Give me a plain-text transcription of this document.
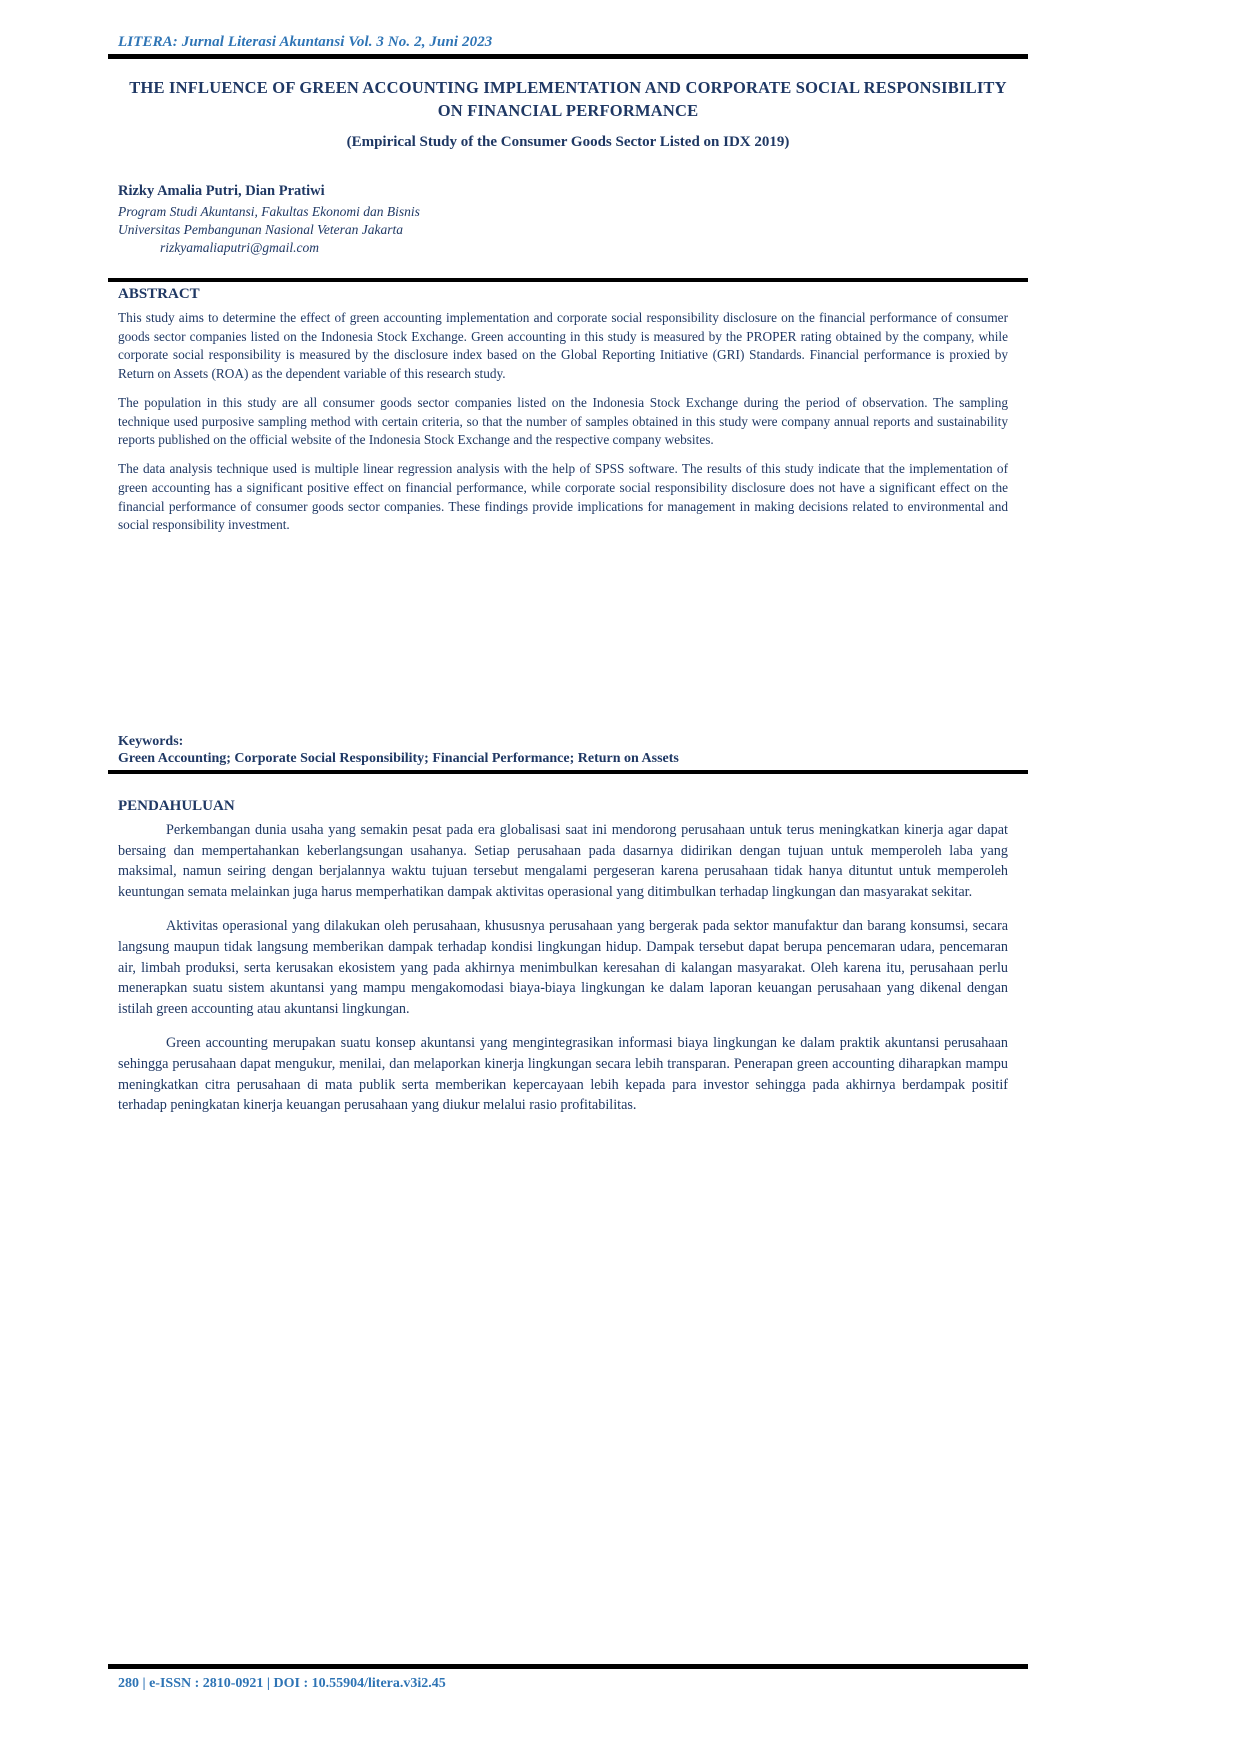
LITERA: Jurnal Literasi Akuntansi Vol. 3 No. 2, Juni 2023
THE INFLUENCE OF GREEN ACCOUNTING IMPLEMENTATION AND CORPORATE SOCIAL RESPONSIBILITY ON FINANCIAL PERFORMANCE
(Empirical Study of the Consumer Goods Sector Listed on IDX 2019)
Rizky Amalia Putri, Dian Pratiwi
Program Studi Akuntansi, Fakultas Ekonomi dan Bisnis
Universitas Pembangunan Nasional Veteran Jakarta
rizkyamaliaputri@gmail.com
ABSTRACT

This study aims to determine the effect of green accounting implementation and corporate social responsibility disclosure on the financial performance of consumer goods sector companies listed on the Indonesia Stock Exchange. Green accounting in this study is measured by the PROPER rating obtained by the company, while corporate social responsibility is measured by the disclosure index based on the Global Reporting Initiative (GRI) Standards. Financial performance is proxied by Return on Assets (ROA) as the dependent variable of this research study.

The population in this study are all consumer goods sector companies listed on the Indonesia Stock Exchange during the period of observation. The sampling technique used purposive sampling method with certain criteria, so that the number of samples obtained in this study were company annual reports and sustainability reports published on the official website of the Indonesia Stock Exchange and the respective company websites.

The data analysis technique used is multiple linear regression analysis with the help of SPSS software. The results of this study indicate that the implementation of green accounting has a significant positive effect on financial performance, while corporate social responsibility disclosure does not have a significant effect on the financial performance of consumer goods sector companies. These findings provide implications for management in making decisions related to environmental and social responsibility investment.

Keywords:
Green Accounting; Corporate Social Responsibility; Financial Performance; Return on Assets
PENDAHULUAN

Perkembangan dunia usaha yang semakin pesat pada era globalisasi saat ini mendorong perusahaan untuk terus meningkatkan kinerja agar dapat bersaing dan mempertahankan keberlangsungan usahanya. Setiap perusahaan pada dasarnya didirikan dengan tujuan untuk memperoleh laba yang maksimal, namun seiring dengan berjalannya waktu tujuan tersebut mengalami pergeseran karena perusahaan tidak hanya dituntut untuk memperoleh keuntungan semata melainkan juga harus memperhatikan dampak aktivitas operasional yang ditimbulkan terhadap lingkungan dan masyarakat sekitar.

Aktivitas operasional yang dilakukan oleh perusahaan, khususnya perusahaan yang bergerak pada sektor manufaktur dan barang konsumsi, secara langsung maupun tidak langsung memberikan dampak terhadap kondisi lingkungan hidup. Dampak tersebut dapat berupa pencemaran udara, pencemaran air, limbah produksi, serta kerusakan ekosistem yang pada akhirnya menimbulkan keresahan di kalangan masyarakat. Oleh karena itu, perusahaan perlu menerapkan suatu sistem akuntansi yang mampu mengakomodasi biaya-biaya lingkungan ke dalam laporan keuangan perusahaan yang dikenal dengan istilah green accounting atau akuntansi lingkungan.

Green accounting merupakan suatu konsep akuntansi yang mengintegrasikan informasi biaya lingkungan ke dalam praktik akuntansi perusahaan sehingga perusahaan dapat mengukur, menilai, dan melaporkan kinerja lingkungan secara lebih transparan. Penerapan green accounting diharapkan mampu meningkatkan citra perusahaan di mata publik serta memberikan kepercayaan lebih kepada para investor sehingga pada akhirnya berdampak positif terhadap peningkatan kinerja keuangan perusahaan yang diukur melalui rasio profitabilitas.

280 | e-ISSN : 2810-0921 | DOI : 10.55904/litera.v3i2.45
